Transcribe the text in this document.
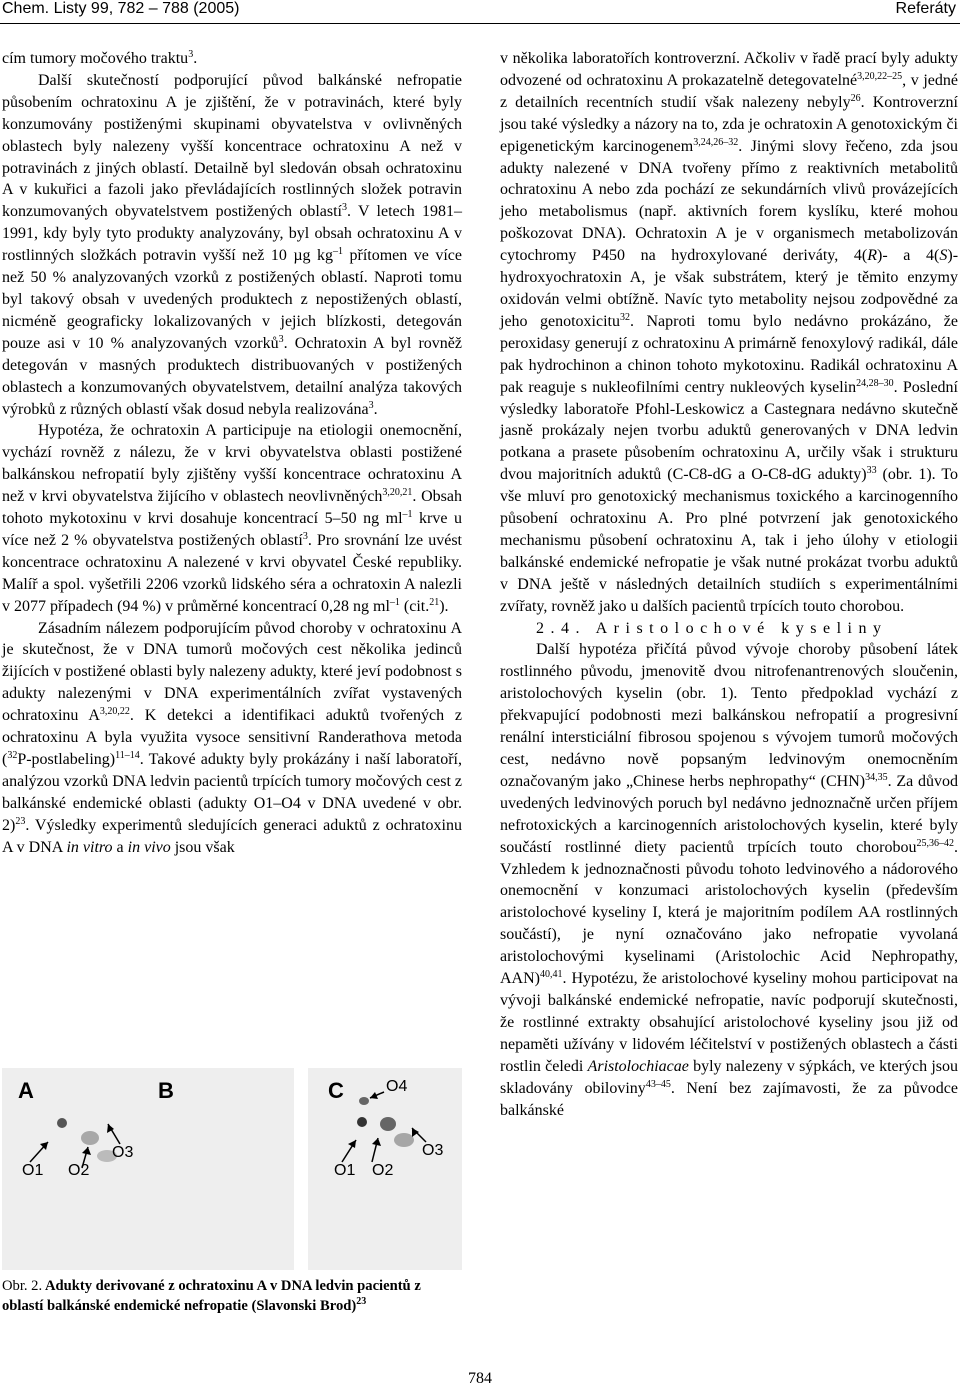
Chem. Listy 99, 782 – 788 (2005)	Referáty

cím tumory močového traktu$^3$.

Další skutečností podporující původ balkánské nefropatie působením ochratoxinu A je zjištění, že v potravinách, které byly konzumovány postiženými skupinami obyvatelstva v ovlivněných oblastech byly nalezeny vyšší koncentrace ochratoxinu A než v potravinách z jiných oblastí. Detailně byl sledován obsah ochratoxinu A v kukuřici a fazoli jako převládajících rostlinných složek potravin konzumovaných obyvatelstvem postižených oblastí$^3$. V letech 1981–1991, kdy byly tyto produkty analyzovány, byl obsah ochratoxinu A v rostlinných složkách potravin vyšší než 10 µg $kg^{-1}$ přítomen ve více než 50 % analyzovaných vzorků z postižených oblastí. Naproti tomu byl takový obsah v uvedených produktech z nepostižených oblastí, nicméně geograficky lokalizovaných v jejich blízkosti, detegován pouze asi v 10 % analyzovaných vzorků$^3$. Ochratoxin A byl rovněž detegován v masných produktech distribuovaných v postižených oblastech a konzumovaných obyvatelstvem, detailní analýza takových výrobků z různých oblastí však dosud nebyla realizována$^3$.

Hypotéza, že ochratoxin A participuje na etiologii onemocnění, vychází rovněž z nálezu, že v krvi obyvatelstva oblasti postižené balkánskou nefropatií byly zjištěny vyšší koncentrace ochratoxinu A než v krvi obyvatelstva žijícího v oblastech neovlivněných$^{3,20,21}$. Obsah tohoto mykotoxinu v krvi dosahuje koncentrací 5–50 ng $ml^{-1}$ krve u více než 2 % obyvatelstva postižených oblastí$^3$. Pro srovnání lze uvést koncentrace ochratoxinu A nalezené v krvi obyvatel České republiky. Malíř a spol. vyšetřili 2206 vzorků lidského séra a ochratoxin A nalezli v 2077 případech (94 %) v průměrné koncentrací 0,28 ng $ml^{-1}$ (cit.$^{21}$).

Zásadním nálezem podporujícím původ choroby v ochratoxinu A je skutečnost, že v DNA tumorů močových cest několika jedinců žijících v postižené oblasti byly nalezeny adukty, které jeví podobnost s adukty nalezenými v DNA experimentálních zvířat vystavených ochratoxinu A$^{3,20,22}$. K detekci a identifikaci aduktů tvořených z ochratoxinu A byla využita vysoce sensitivní Randerathova metoda ($^{32}$P-postlabeling)$^{11-14}$. Takové adukty byly prokázány i naší laboratoří, analýzou vzorků DNA ledvin pacientů trpících tumory močových cest z balkánské endemické oblasti (adukty O1–O4 v DNA uvedené v obr. 2)$^{23}$. Výsledky experimentů sledujících generaci aduktů z ochratoxinu A v DNA in vitro a in vivo jsou však

A
O1 O2
O3
B	C
O1 O2
O3
O4
Obr. 2. Adukty derivované z ochratoxinu A v DNA ledvin pacientů z oblastí balkánské endemické nefropatie (Slavonski Brod)$^{23}$

v několika laboratořích kontroverzní. Ačkoliv v řadě prací byly adukty odvozené od ochratoxinu A prokazatelně detegovatelné$^{3,20,22-25}$, v jedné z detailních recentních studií však nalezeny nebyly$^{26}$. Kontroverzní jsou také výsledky a názory na to, zda je ochratoxin A genotoxickým či epigenetickým karcinogenem$^{3,24,26-32}$. Jinými slovy řečeno, zda jsou adukty nalezené v DNA tvořeny přímo z reaktivních metabolitů ochratoxinu A nebo zda pochází ze sekundárních vlivů provázejících jeho metabolismus (např. aktivních forem kyslíku, které mohou poškozovat DNA). Ochratoxin A je v organismech metabolizován cytochromy P450 na hydroxylované deriváty, 4(R)- a 4(S)-hydroxyochratoxin A, je však substrátem, který je těmito enzymy oxidován velmi obtížně. Navíc tyto metabolity nejsou zodpovědné za jeho genotoxicitu$^{32}$. Naproti tomu bylo nedávno prokázáno, že peroxidasy generují z ochratoxinu A primárně fenoxylový radikál, dále pak hydrochinon a chinon tohoto mykotoxinu. Radikál ochratoxinu A pak reaguje s nukleofilními centry nukleových kyselin$^{24,28-30}$. Poslední výsledky laboratoře Pfohl-Leskowicz a Castegnara nedávno skutečně jasně prokázaly nejen tvorbu aduktů generovaných v DNA ledvin potkana a prasete působením ochratoxinu A, určily však i strukturu dvou majoritních aduktů (C-C8-dG a O-C8-dG adukty)$^{33}$ (obr. 1). To vše mluví pro genotoxický mechanismus toxického a karcinogenního působení ochratoxinu A. Pro plné potvrzení jak genotoxického mechanismu působení ochratoxinu A, tak i jeho úlohy v etiologii balkánské endemické nefropatie je však nutné prokázat tvorbu aduktů v DNA ještě v následných detailních studiích s experimentálními zvířaty, rovněž jako u dalších pacientů trpících touto chorobou.

2.4. Aristolochové kyseliny

Další hypotéza přičítá původ vývoje choroby působení látek rostlinného původu, jmenovitě dvou nitrofenantrenových sloučenin, aristolochových kyselin (obr. 1). Tento předpoklad vychází z překvapující podobnosti mezi balkánskou nefropatií a progresivní renální intersticiální fibrosou spojenou s vývojem tumorů močových cest, nedávno nově popsaným ledvinovým onemocněním označovaným jako „Chinese herbs nephropathy“ (CHN)$^{34,35}$. Za důvod uvedených ledvinových poruch byl nedávno jednoznačně určen příjem nefrotoxických a karcinogenních aristolochových kyselin, které byly součástí rostlinné diety pacientů trpících touto chorobou$^{25,36-42}$. Vzhledem k jednoznačnosti původu tohoto ledvinového a nádorového onemocnění v konzumaci aristolochových kyselin (především aristolochové kyseliny I, která je majoritním podílem AA rostlinných součástí), je nyní označováno jako nefropatie vyvolaná aristolochovými kyselinami (Aristolochic Acid Nephropathy, AAN)$^{40,41}$. Hypotézu, že aristolochové kyseliny mohou participovat na vývoji balkánské endemické nefropatie, navíc podporují skutečnosti, že rostlinné extrakty obsahující aristolochové kyseliny jsou již od nepaměti užívány v lidovém léčitelství v postižených oblastech a části rostlin čeledi Aristolochiacae byly nalezeny v sýpkách, ve kterých jsou skladovány obiloviny$^{43-45}$. Není bez zajímavosti, že za původce balkánské

784
